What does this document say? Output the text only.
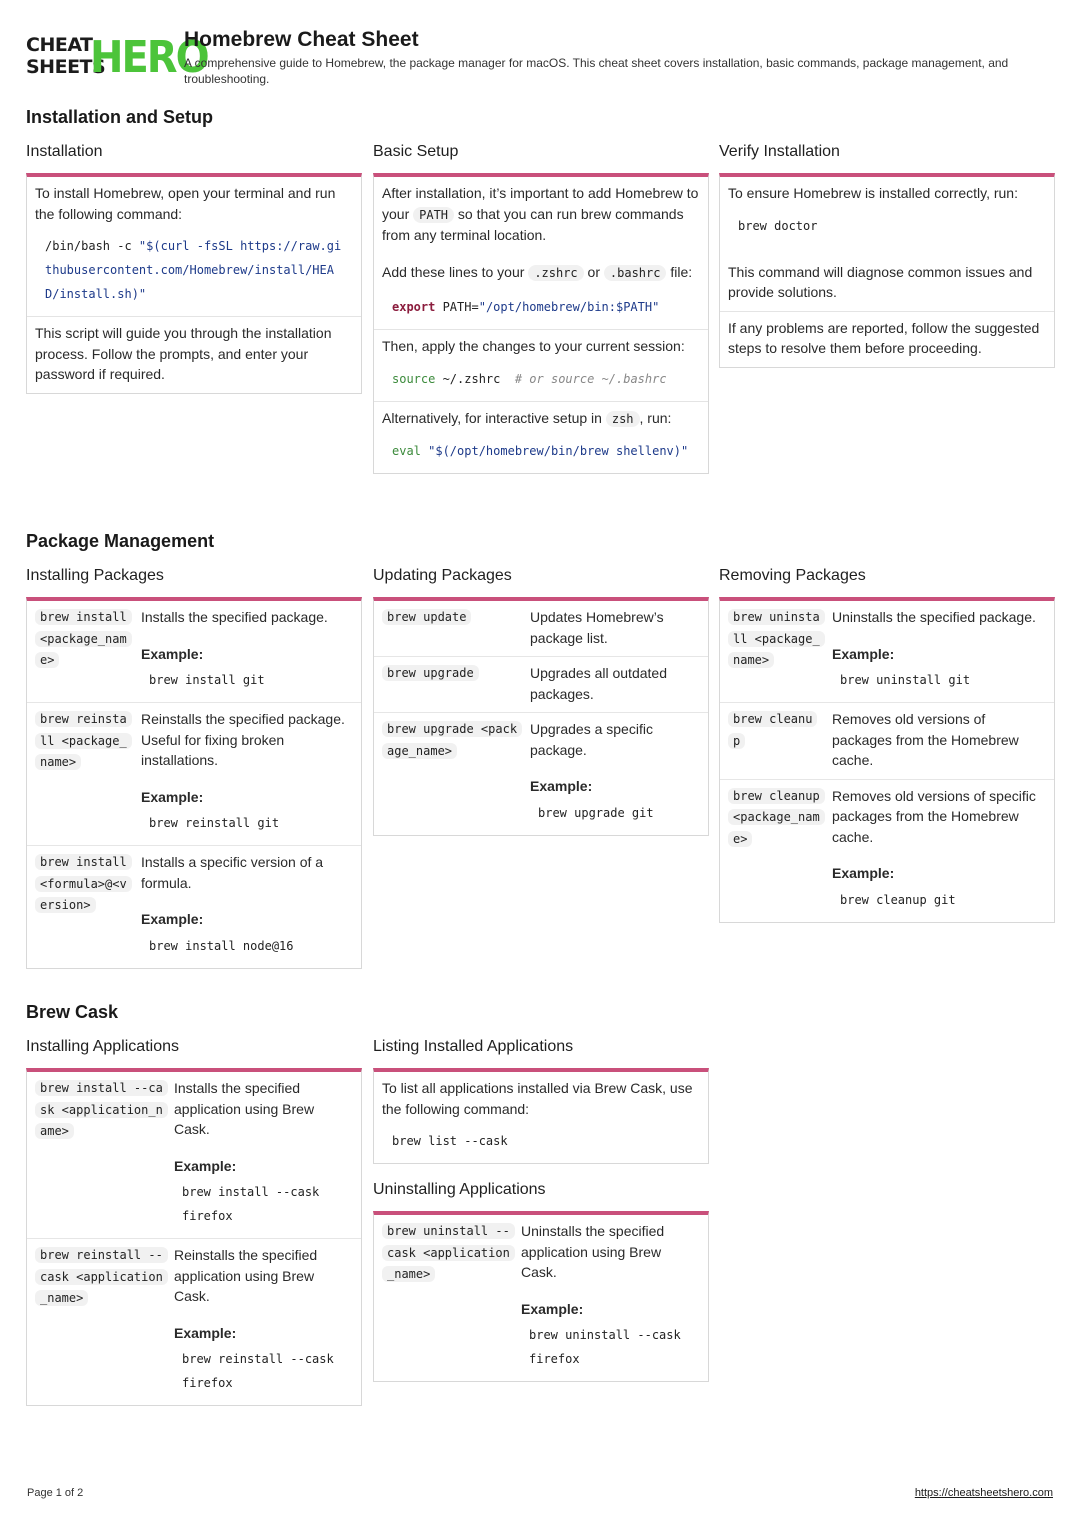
CHEAT
SHEETS
HERO
Homebrew Cheat Sheet
A comprehensive guide to Homebrew, the package manager for macOS. This cheat sheet covers installation, basic commands, package management, and troubleshooting.
Installation and Setup
Installation
To install Homebrew, open your terminal and run the following command:
/bin/bash -c "$(curl -fsSL https://raw.githubusercontent.com/Homebrew/install/HEAD/install.sh)"
This script will guide you through the installation process. Follow the prompts, and enter your password if required.
Basic Setup
After installation, it’s important to add Homebrew to your PATH so that you can run brew commands from any terminal location.
Add these lines to your .zshrc or .bashrc file:
export PATH="/opt/homebrew/bin:$PATH"
Then, apply the changes to your current session:
source ~/.zshrc  # or source ~/.bashrc
Alternatively, for interactive setup in zsh , run:
eval "$(/opt/homebrew/bin/brew shellenv)"
Verify Installation
To ensure Homebrew is installed correctly, run:
brew doctor
This command will diagnose common issues and provide solutions.
If any problems are reported, follow the suggested steps to resolve them before proceeding.
Package Management
Installing Packages
brew install <package_name>
Installs the specified package.
Example:
brew install git
brew reinstall <package_name>
Reinstalls the specified package. Useful for fixing broken installations.
Example:
brew reinstall git
brew install <formula>@<version>
Installs a specific version of a formula.
Example:
brew install node@16
Updating Packages
brew update	Updates Homebrew’s package list.
brew upgrade	Upgrades all outdated packages.
brew upgrade <package_name>
Upgrades a specific package.
Example:
brew upgrade git
Removing Packages
brew uninstall <package_name>
Uninstalls the specified package.
Example:
brew uninstall git
brew cleanup
Removes old versions of packages from the Homebrew cache.
brew cleanup <package_name>
Removes old versions of specific packages from the Homebrew cache.
Example:
brew cleanup git
Brew Cask
Installing Applications
brew install --cask <application_name>
Installs the specified application using Brew Cask.
Example:
brew install --cask firefox
brew reinstall --cask <application_name>
Reinstalls the specified application using Brew Cask.
Example:
brew reinstall --cask firefox
Listing Installed Applications
To list all applications installed via Brew Cask, use the following command:
brew list --cask
Uninstalling Applications
brew uninstall --cask <application_name>
Uninstalls the specified application using Brew Cask.
Example:
brew uninstall --cask firefox
Page 1 of 2	https://cheatsheetshero.com
